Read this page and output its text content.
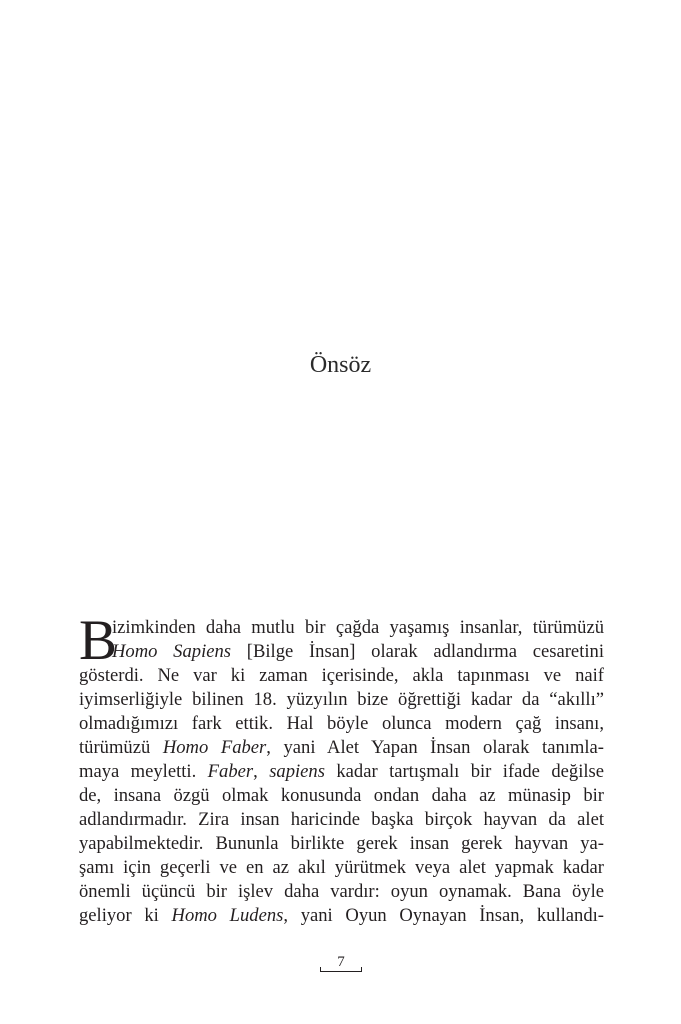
Önsöz
B
izimkinden daha mutlu bir çağda yaşamış insanlar, türümüzü
Homo Sapiens [Bilge İnsan] olarak adlandırma cesaretini
gösterdi. Ne var ki zaman içerisinde, akla tapınması ve naif
iyimserliğiyle bilinen 18. yüzyılın bize öğrettiği kadar da “akıllı”
olmadığımızı fark ettik. Hal böyle olunca modern çağ insanı,
türümüzü Homo Faber, yani Alet Yapan İnsan olarak tanımla-
maya meyletti. Faber, sapiens kadar tartışmalı bir ifade değilse
de, insana özgü olmak konusunda ondan daha az münasip bir
adlandırmadır. Zira insan haricinde başka birçok hayvan da alet
yapabilmektedir. Bununla birlikte gerek insan gerek hayvan ya-
şamı için geçerli ve en az akıl yürütmek veya alet yapmak kadar
önemli üçüncü bir işlev daha vardır: oyun oynamak. Bana öyle
geliyor ki Homo Ludens, yani Oyun Oynayan İnsan, kullandı-
7
